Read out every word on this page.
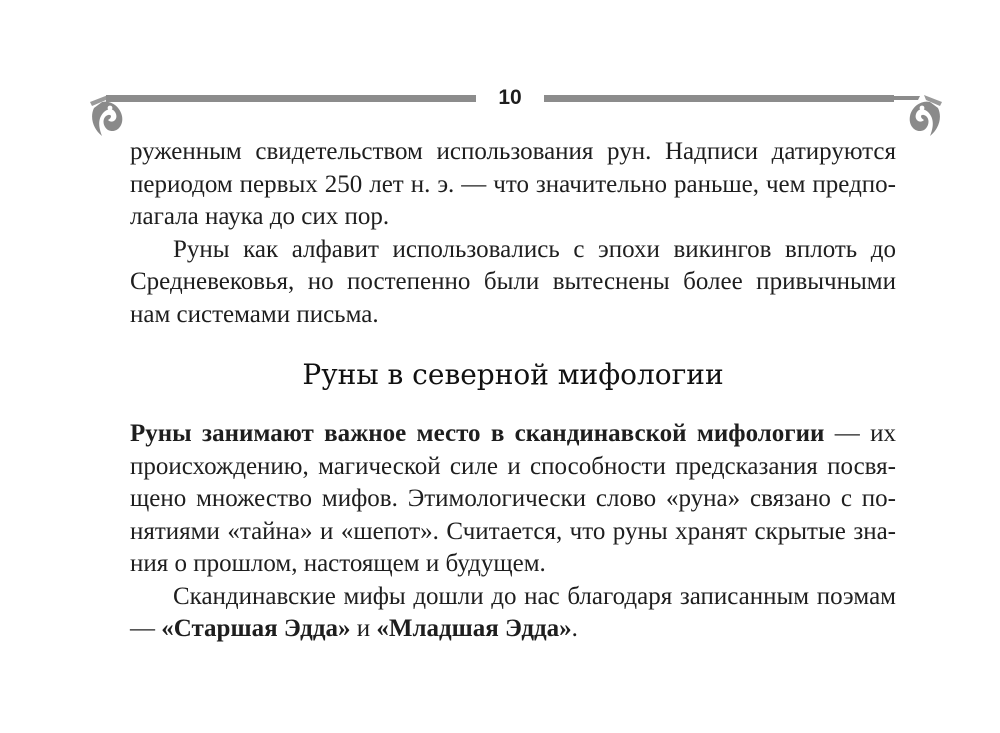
10

руженным свидетельством использования рун. Надписи датируются периодом первых 250 лет н. э. — что значительно раньше, чем предполагала наука до сих пор.

Руны как алфавит использовались с эпохи викингов вплоть до Средневековья, но постепенно были вытеснены более привычными нам системами письма.

Руны в северной мифологии

Руны занимают важное место в скандинавской мифологии — их происхождению, магической силе и способности предсказания посвящено множество мифов. Этимологически слово «руна» связано с понятиями «тайна» и «шепот». Считается, что руны хранят скрытые знания о прошлом, настоящем и будущем.

Скандинавские мифы дошли до нас благодаря записанным поэмам — «Старшая Эдда» и «Младшая Эдда».
